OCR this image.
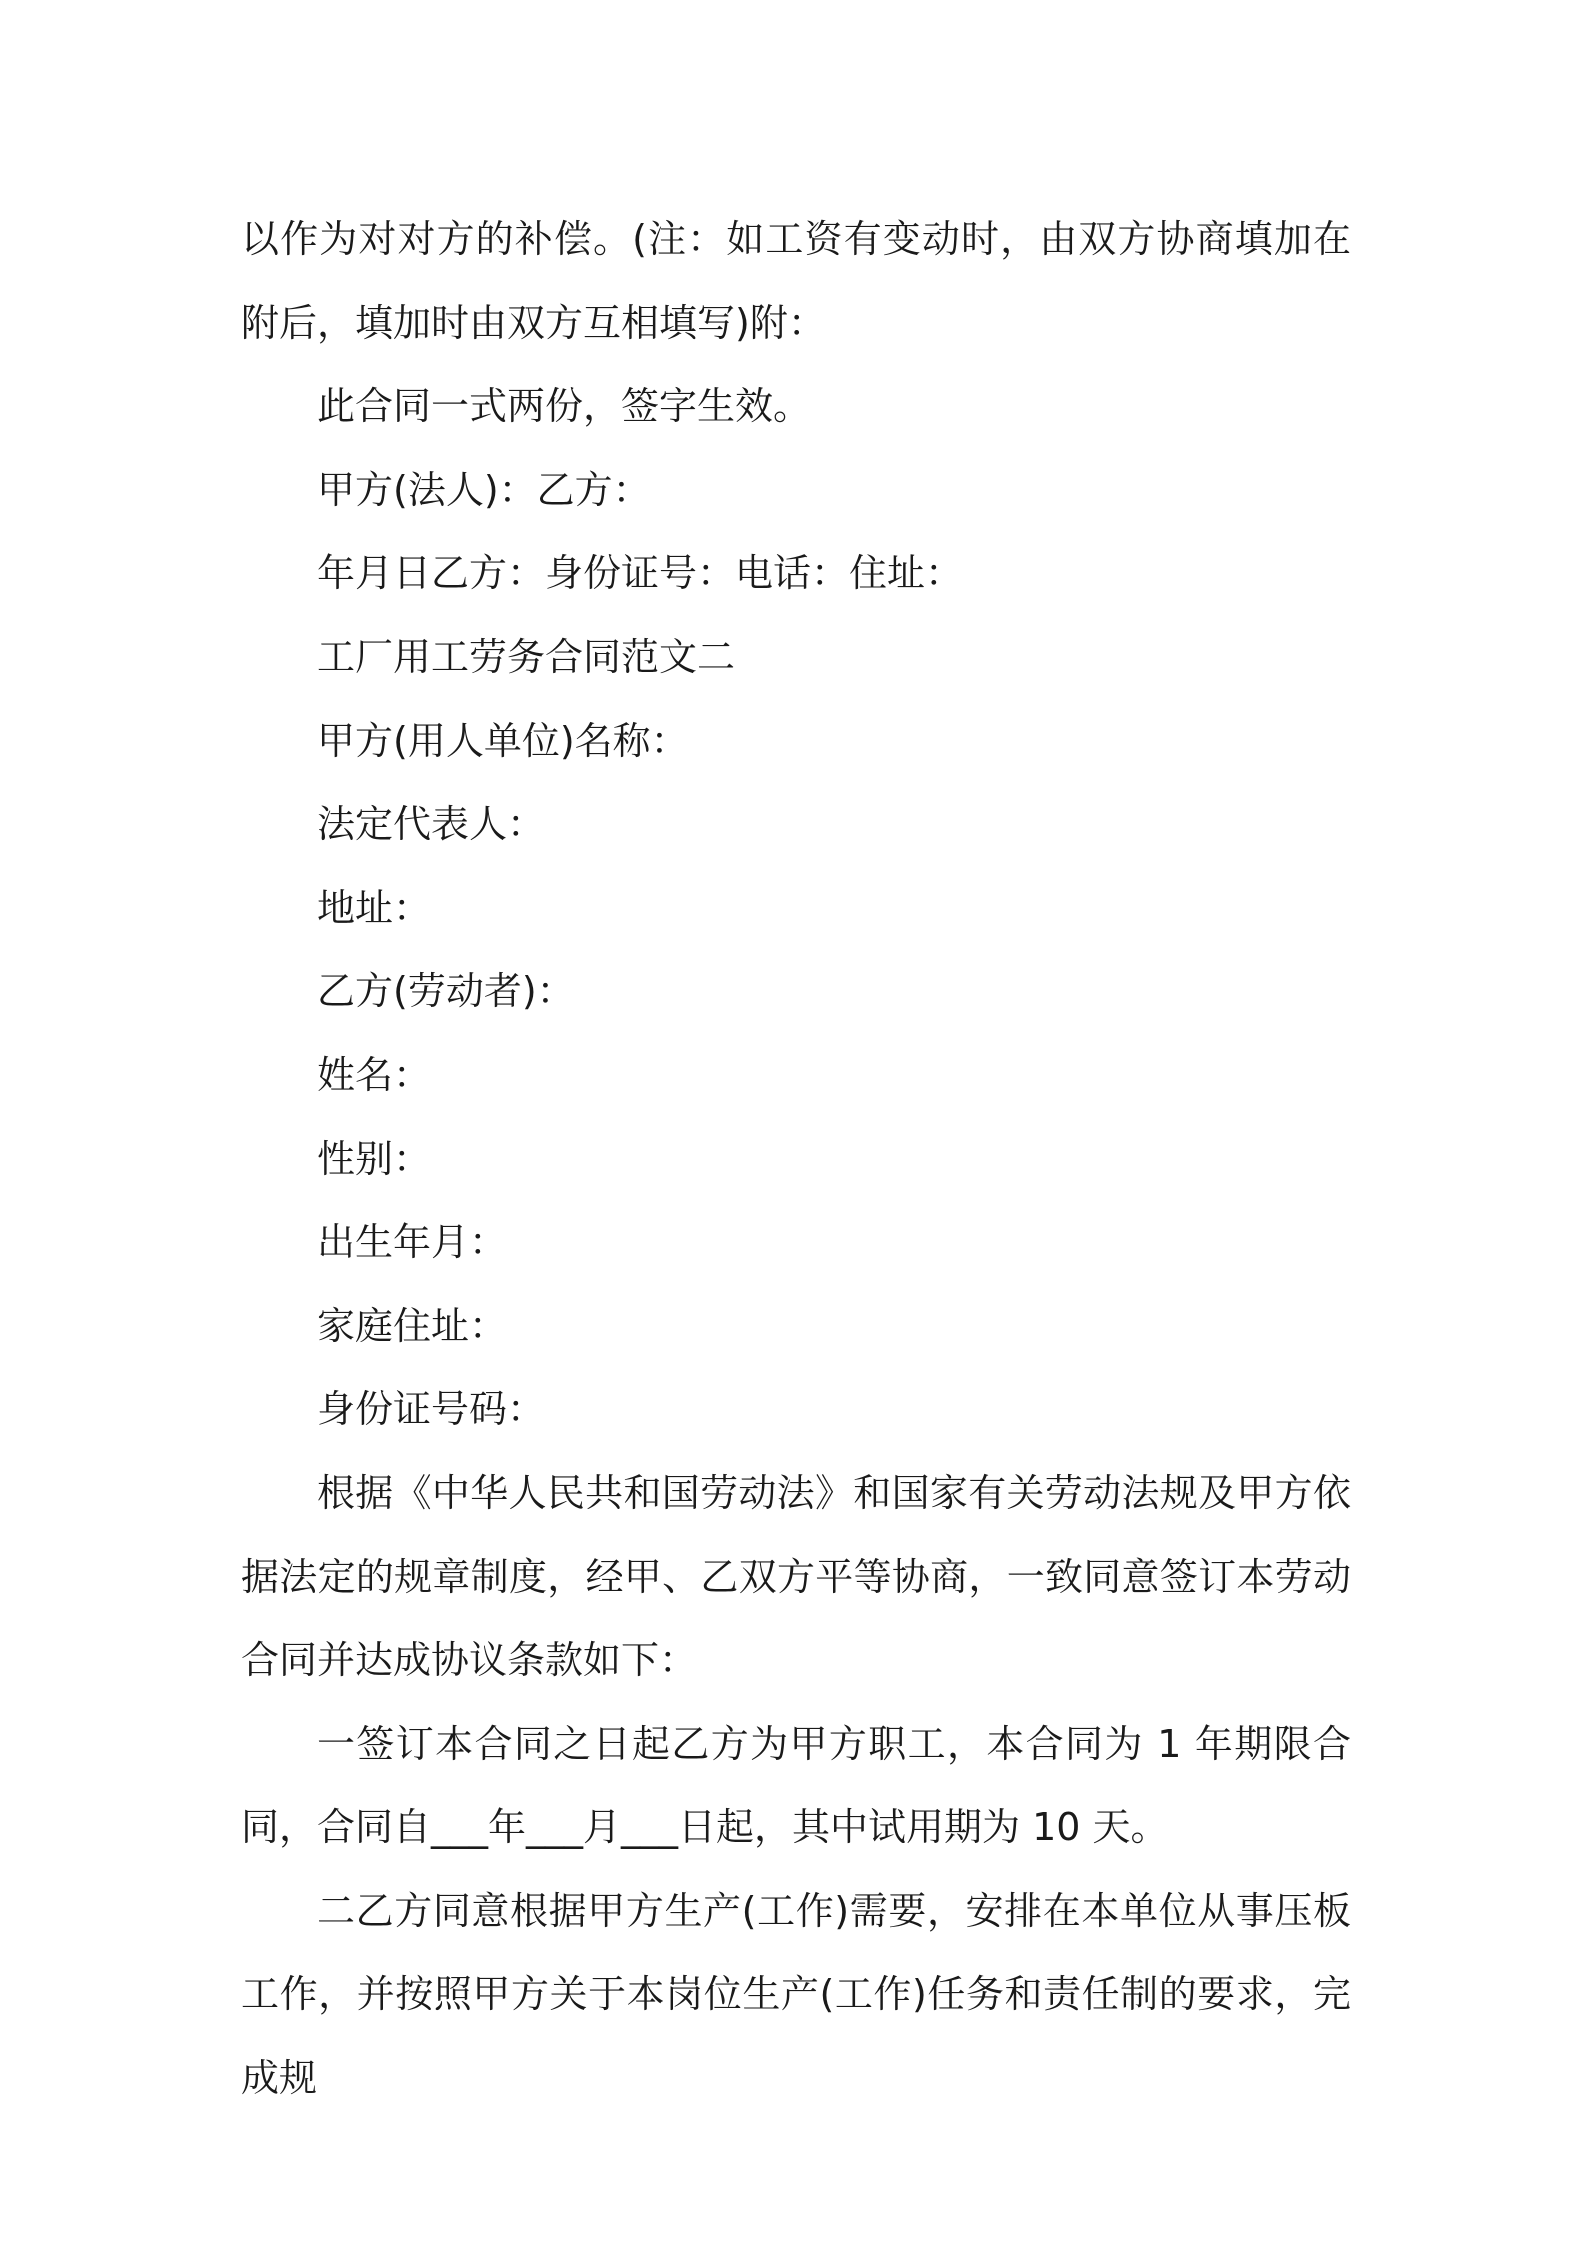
以作为对对方的补偿。(注：如工资有变动时，由双方协商填加在附后，填加时由双方互相填写)附：

此合同一式两份，签字生效。

甲方(法人)：乙方：

年月日乙方：身份证号：电话：住址：

工厂用工劳务合同范文二

甲方(用人单位)名称：

法定代表人：

地址：

乙方(劳动者)：

姓名：

性别：

出生年月：

家庭住址：

身份证号码：

根据《中华人民共和国劳动法》和国家有关劳动法规及甲方依据法定的规章制度，经甲、乙双方平等协商，一致同意签订本劳动合同并达成协议条款如下：

一签订本合同之日起乙方为甲方职工，本合同为 1 年期限合同，合同自___年___月___日起，其中试用期为 10 天。

二乙方同意根据甲方生产(工作)需要，安排在本单位从事压板工作，并按照甲方关于本岗位生产(工作)任务和责任制的要求，完成规
